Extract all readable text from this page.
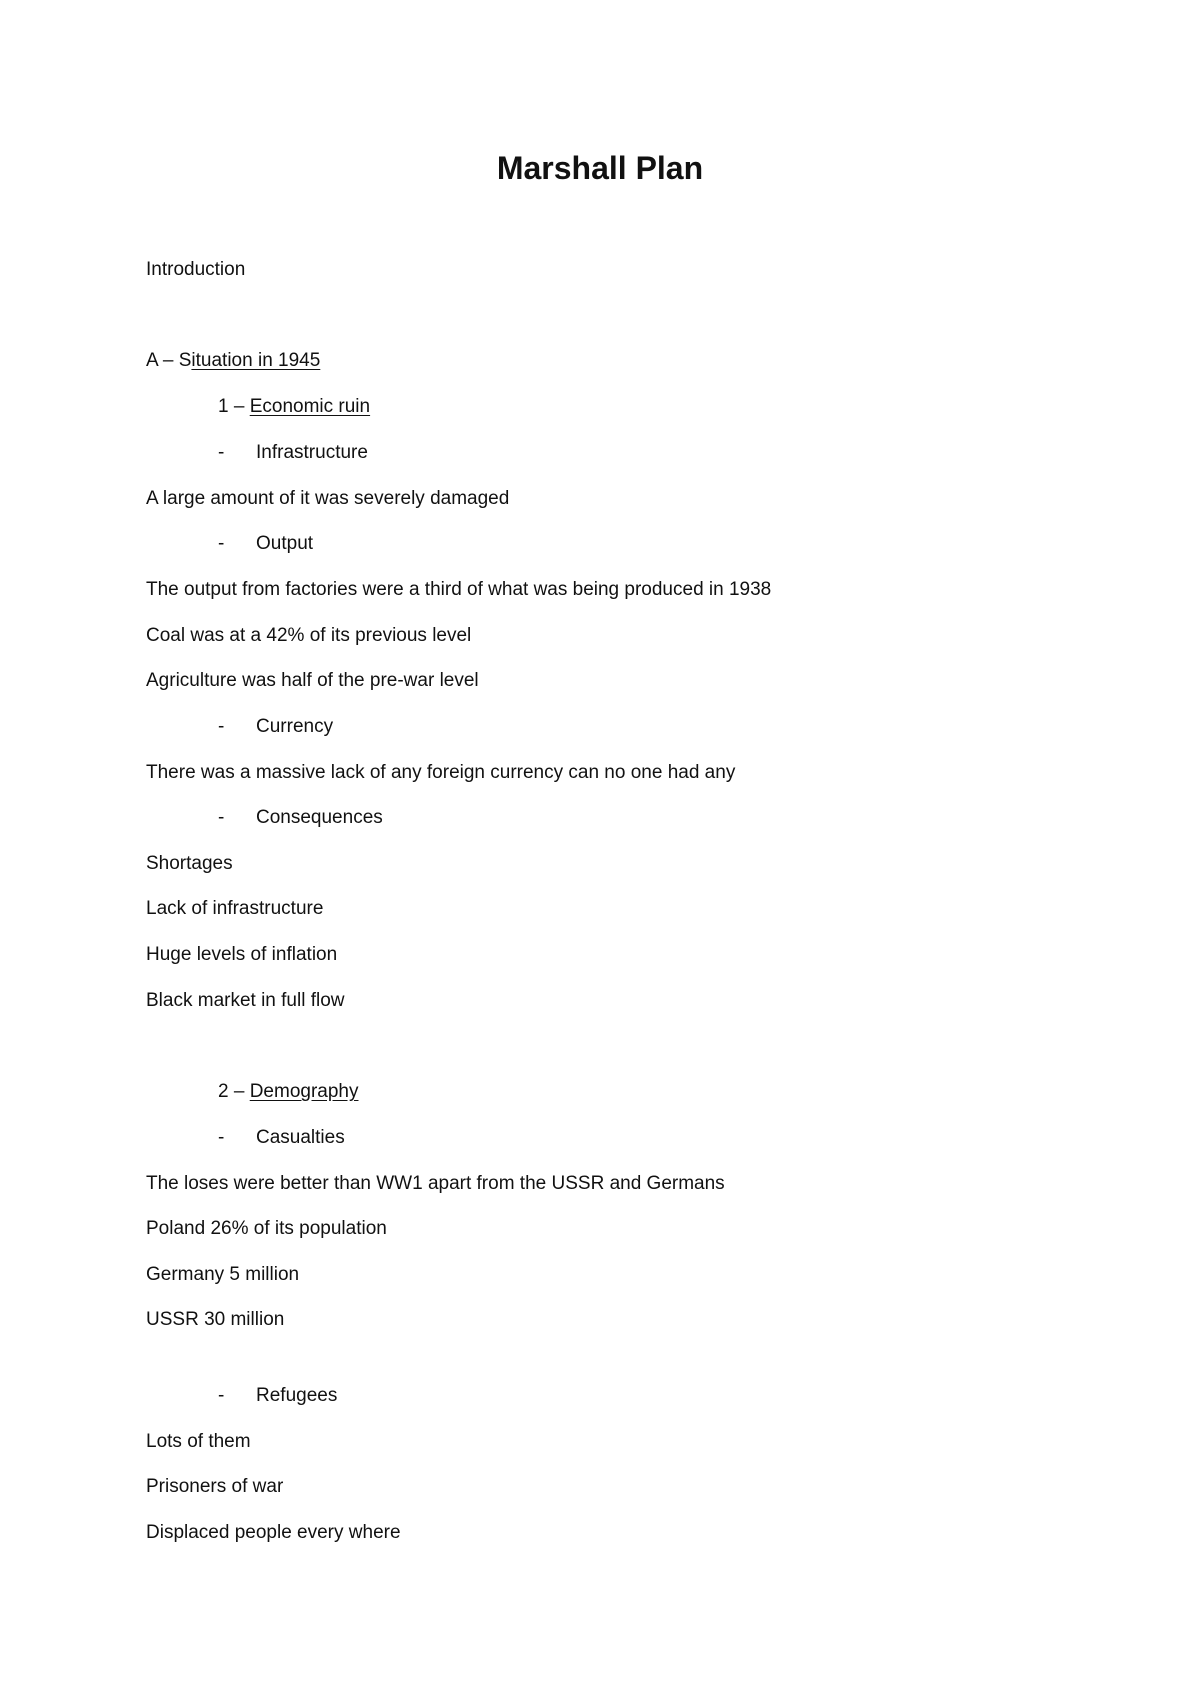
Marshall Plan
Introduction
A – Situation in 1945
1 – Economic ruin
- Infrastructure
A large amount of it was severely damaged
- Output
The output from factories were a third of what was being produced in 1938
Coal was at a 42% of its previous level
Agriculture was half of the pre-war level
- Currency
There was a massive lack of any foreign currency can no one had any
- Consequences
Shortages
Lack of infrastructure
Huge levels of inflation
Black market in full flow
2 – Demography
- Casualties
The loses were better than WW1 apart from the USSR and Germans
Poland 26% of its population
Germany 5 million
USSR 30 million
- Refugees
Lots of them
Prisoners of war
Displaced people every where
